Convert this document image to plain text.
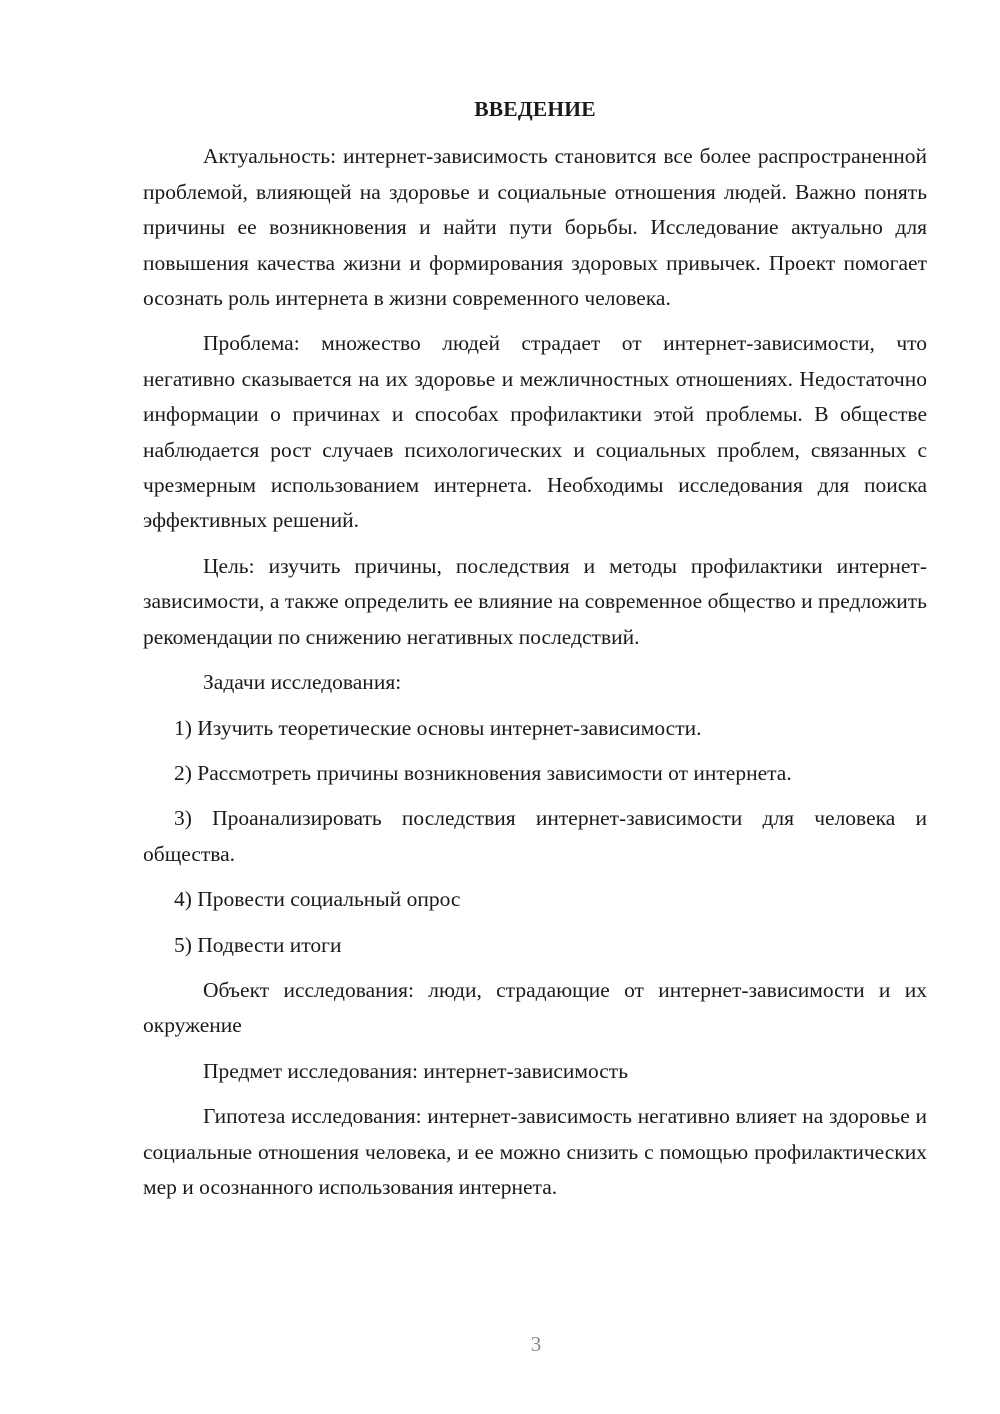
ВВЕДЕНИЕ

Актуальность: интернет-зависимость становится все более распространенной проблемой, влияющей на здоровье и социальные отношения людей. Важно понять причины ее возникновения и найти пути борьбы. Исследование актуально для повышения качества жизни и формирования здоровых привычек. Проект помогает осознать роль интернета в жизни современного человека.

Проблема: множество людей страдает от интернет-зависимости, что негативно сказывается на их здоровье и межличностных отношениях. Недостаточно информации о причинах и способах профилактики этой проблемы. В обществе наблюдается рост случаев психологических и социальных проблем, связанных с чрезмерным использованием интернета. Необходимы исследования для поиска эффективных решений.

Цель: изучить причины, последствия и методы профилактики интернет-зависимости, а также определить ее влияние на современное общество и предложить рекомендации по снижению негативных последствий.

Задачи исследования:

1) Изучить теоретические основы интернет-зависимости.

2) Рассмотреть причины возникновения зависимости от интернета.

3) Проанализировать последствия интернет-зависимости для человека и общества.

4) Провести социальный опрос

5) Подвести итоги

Объект исследования: люди, страдающие от интернет-зависимости и их окружение

Предмет исследования: интернет-зависимость

Гипотеза исследования: интернет-зависимость негативно влияет на здоровье и социальные отношения человека, и ее можно снизить с помощью профилактических мер и осознанного использования интернета.

3
